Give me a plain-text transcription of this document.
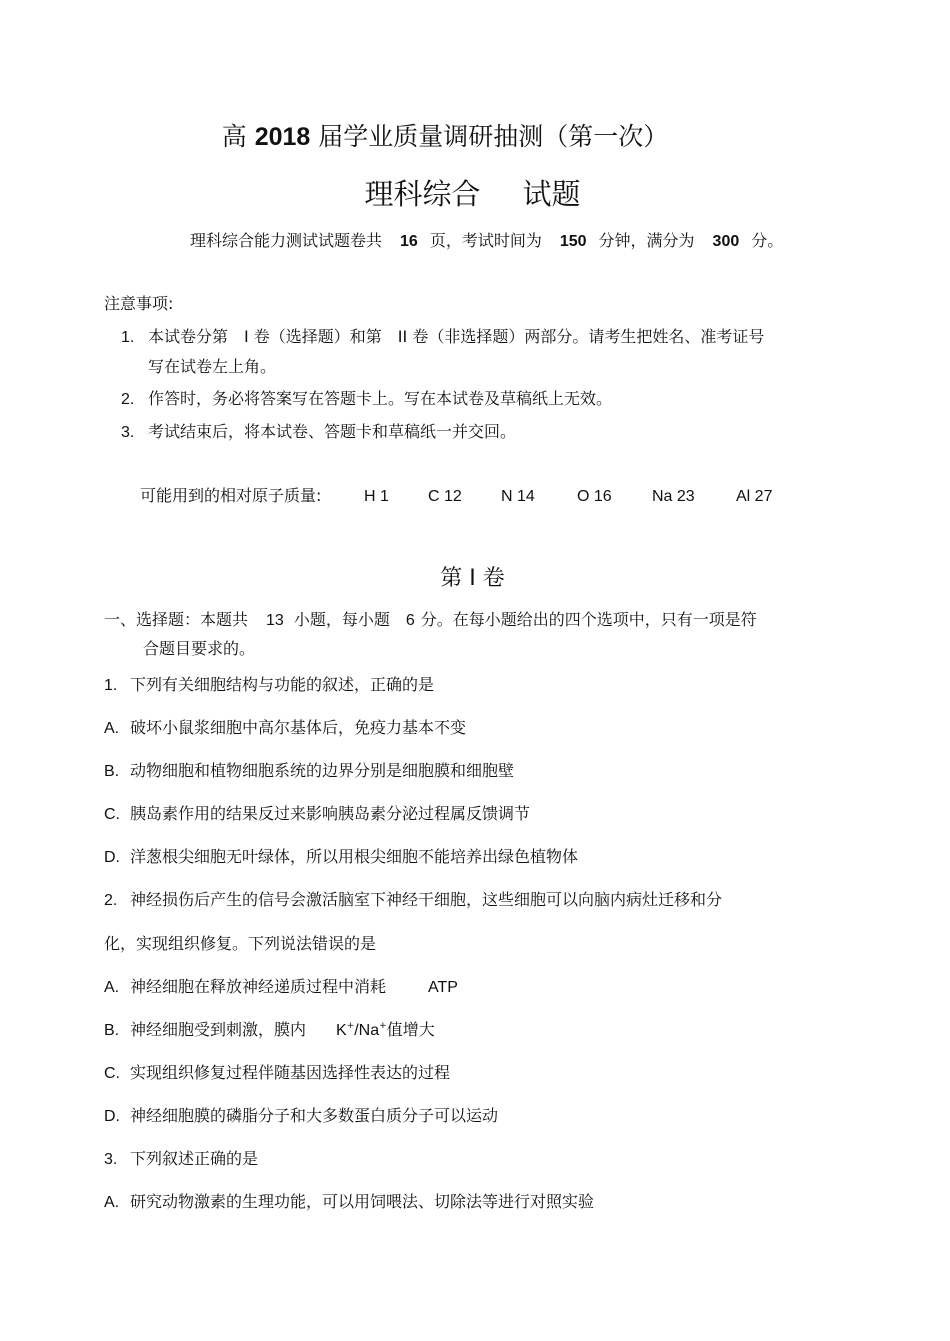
高 2018 届学业质量调研抽测（第一次）
理科综合 试题
理科综合能力测试试题卷共 16 页，考试时间为 150 分钟，满分为 300 分。
注意事项:
1. 本试卷分第　I 卷（选择题）和第　II 卷（非选择题）两部分。请考生把姓名、准考证号
写在试卷左上角。
2. 作答时，务必将答案写在答题卡上。写在本试卷及草稿纸上无效。
3. 考试结束后，将本试卷、答题卡和草稿纸一并交回。
可能用到的相对原子质量:	H 1 C 12 N 14	O 16	Na 23	Al 27
第 I 卷
一、选择题：本题共 13 小题，每小题 6 分。在每小题给出的四个选项中，只有一项是符
合题目要求的。
1. 下列有关细胞结构与功能的叙述，正确的是
A. 破坏小鼠浆细胞中高尔基体后，免疫力基本不变
B. 动物细胞和植物细胞系统的边界分别是细胞膜和细胞壁
C. 胰岛素作用的结果反过来影响胰岛素分泌过程属反馈调节
D. 洋葱根尖细胞无叶绿体，所以用根尖细胞不能培养出绿色植物体
2. 神经损伤后产生的信号会激活脑室下神经干细胞，这些细胞可以向脑内病灶迁移和分
化，实现组织修复。下列说法错误的是
A. 神经细胞在释放神经递质过程中消耗	ATP
B. 神经细胞受到刺激，膜内 K+/Na+值增大
C. 实现组织修复过程伴随基因选择性表达的过程
D. 神经细胞膜的磷脂分子和大多数蛋白质分子可以运动
3. 下列叙述正确的是
A. 研究动物激素的生理功能，可以用饲喂法、切除法等进行对照实验
